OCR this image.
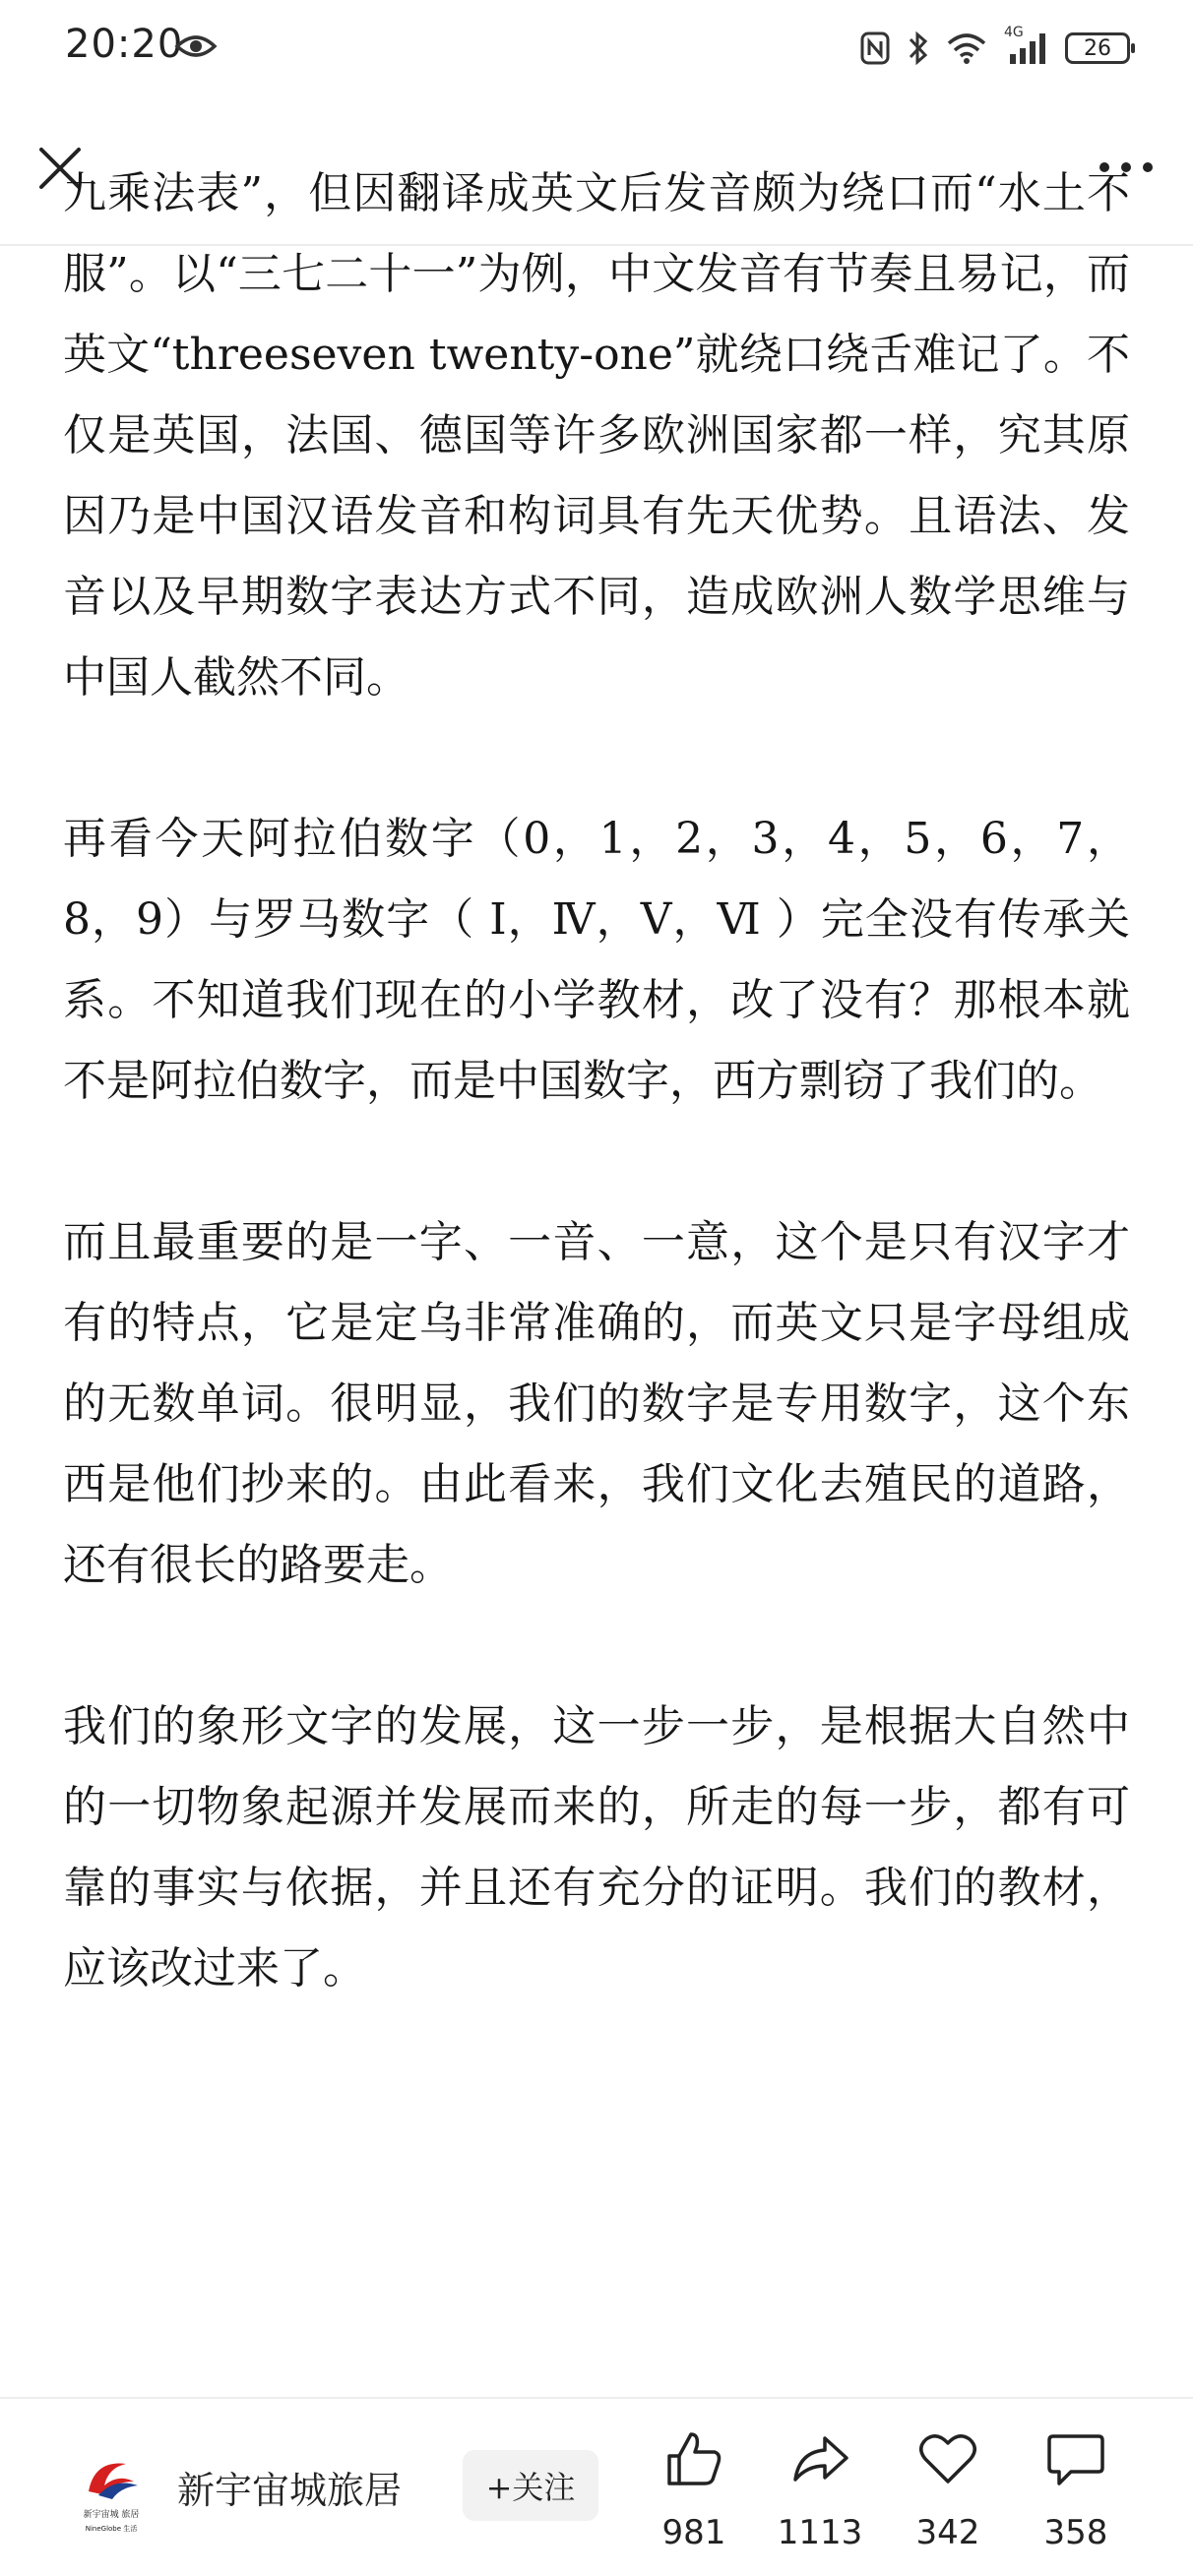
20:20	4G
26

九乘法表”，但因翻译成英文后发音颇为绕口而“水土不服”。以“三七二十一”为例，中文发音有节奏且易记，而英文“threeseven twenty-one”就绕口绕舌难记了。不仅是英国，法国、德国等许多欧洲国家都一样，究其原因乃是中国汉语发音和构词具有先天优势。且语法、发音以及早期数字表达方式不同，造成欧洲人数学思维与中国人截然不同。

再看今天阿拉伯数字（0，1，2，3，4，5，6，7，8，9）与罗马数字（ Ⅰ，Ⅳ，Ⅴ，Ⅵ ）完全没有传承关系。不知道我们现在的小学教材，改了没有？那根本就不是阿拉伯数字，而是中国数字，西方剽窃了我们的。

而且最重要的是一字、一音、一意，这个是只有汉字才有的特点，它是定乌非常准确的，而英文只是字母组成的无数单词。很明显，我们的数字是专用数字，这个东西是他们抄来的。由此看来，我们文化去殖民的道路，还有很长的路要走。

我们的象形文字的发展，这一步一步，是根据大自然中的一切物象起源并发展而来的，所走的每一步，都有可靠的事实与依据，并且还有充分的证明。我们的教材，应该改过来了。

新宇宙城 旅居
NineGlobe 生活
新宇宙城旅居	+关注
981	1113	342	358
